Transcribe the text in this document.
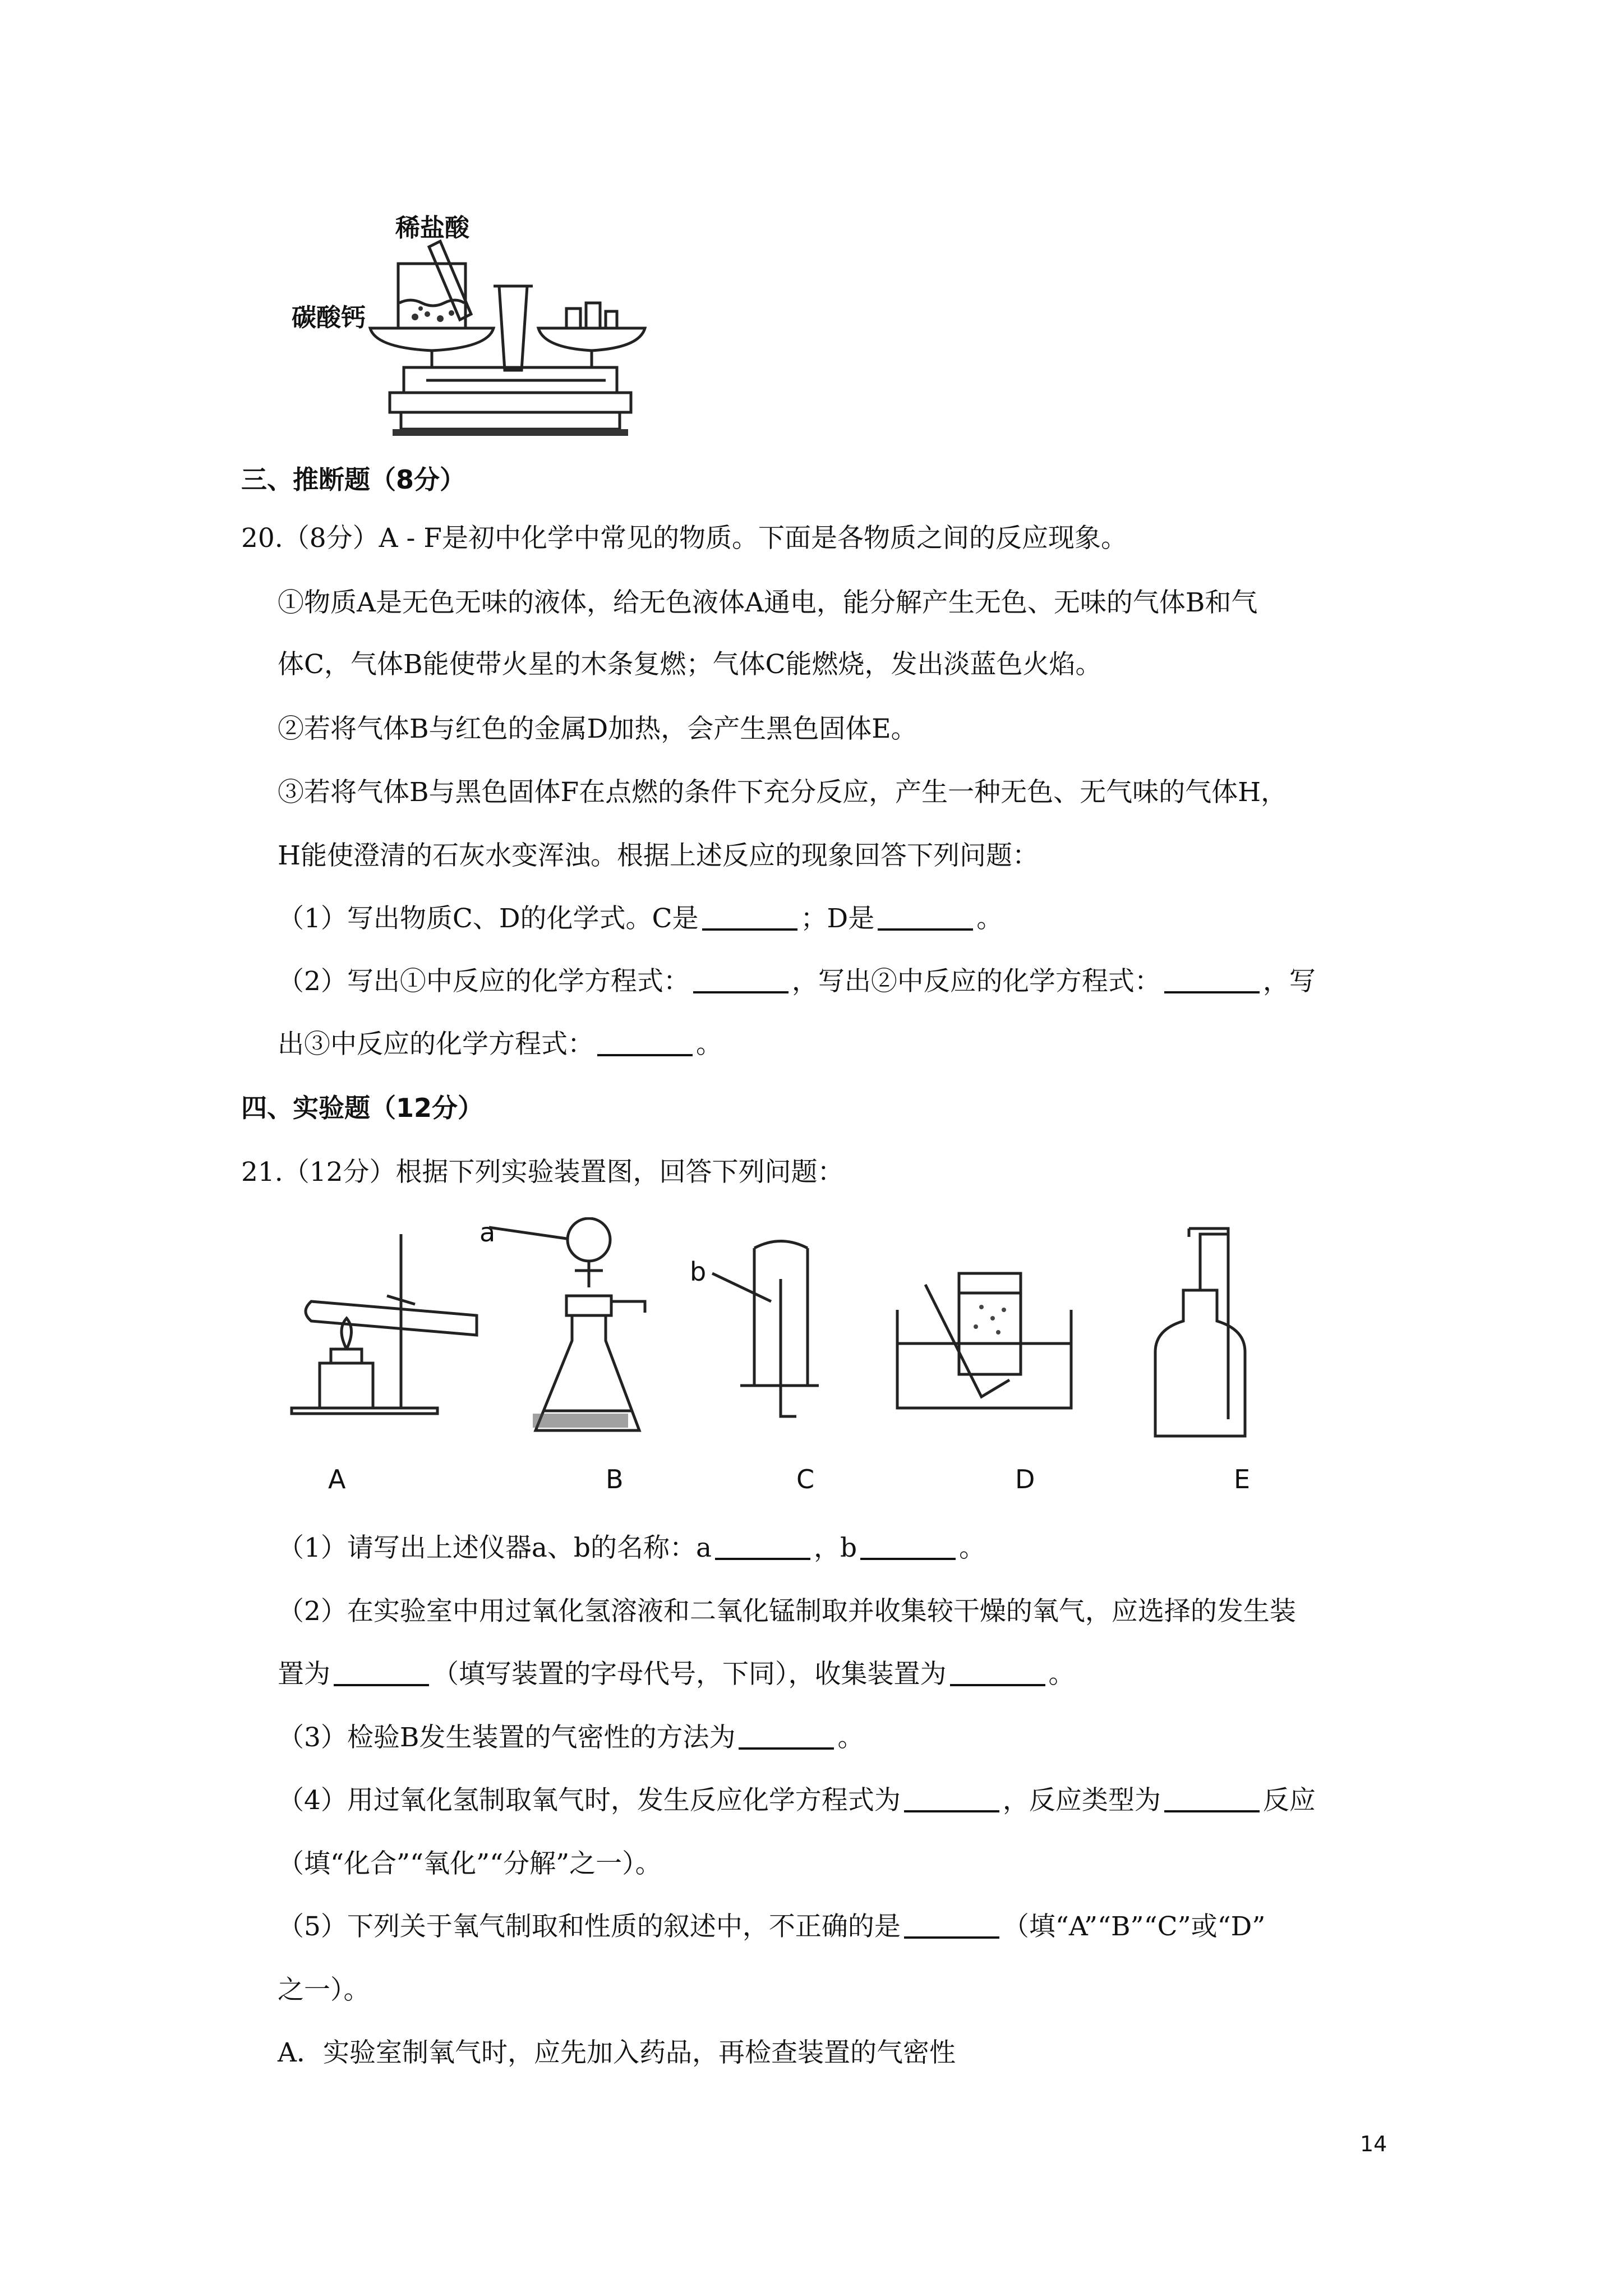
稀盐酸
碳酸钙
三、推断题（8分）
20.（8分）A - F是初中化学中常见的物质。下面是各物质之间的反应现象。
①物质A是无色无味的液体，给无色液体A通电，能分解产生无色、无味的气体B和气
体C，气体B能使带火星的木条复燃；气体C能燃烧，发出淡蓝色火焰。
②若将气体B与红色的金属D加热，会产生黑色固体E。
③若将气体B与黑色固体F在点燃的条件下充分反应，产生一种无色、无气味的气体H，
H能使澄清的石灰水变浑浊。根据上述反应的现象回答下列问题：
（1）写出物质C、D的化学式。C是	；D是	。
（2）写出①中反应的化学方程式：	，写出②中反应的化学方程式：	，写
出③中反应的化学方程式：	。
四、实验题（12分）
21.（12分）根据下列实验装置图，回答下列问题：
a
b
A	B	C	D	E
（1）请写出上述仪器a、b的名称：a	，b	。
（2）在实验室中用过氧化氢溶液和二氧化锰制取并收集较干燥的氧气，应选择的发生装
置为	（填写装置的字母代号，下同），收集装置为	。
（3）检验B发生装置的气密性的方法为	。
（4）用过氧化氢制取氧气时，发生反应化学方程式为	，反应类型为	反应
（填“化合”“氧化”“分解”之一）。
（5）下列关于氧气制取和性质的叙述中，不正确的是	（填“A”“B”“C”或“D”
之一）。
A．实验室制氧气时，应先加入药品，再检查装置的气密性
14
